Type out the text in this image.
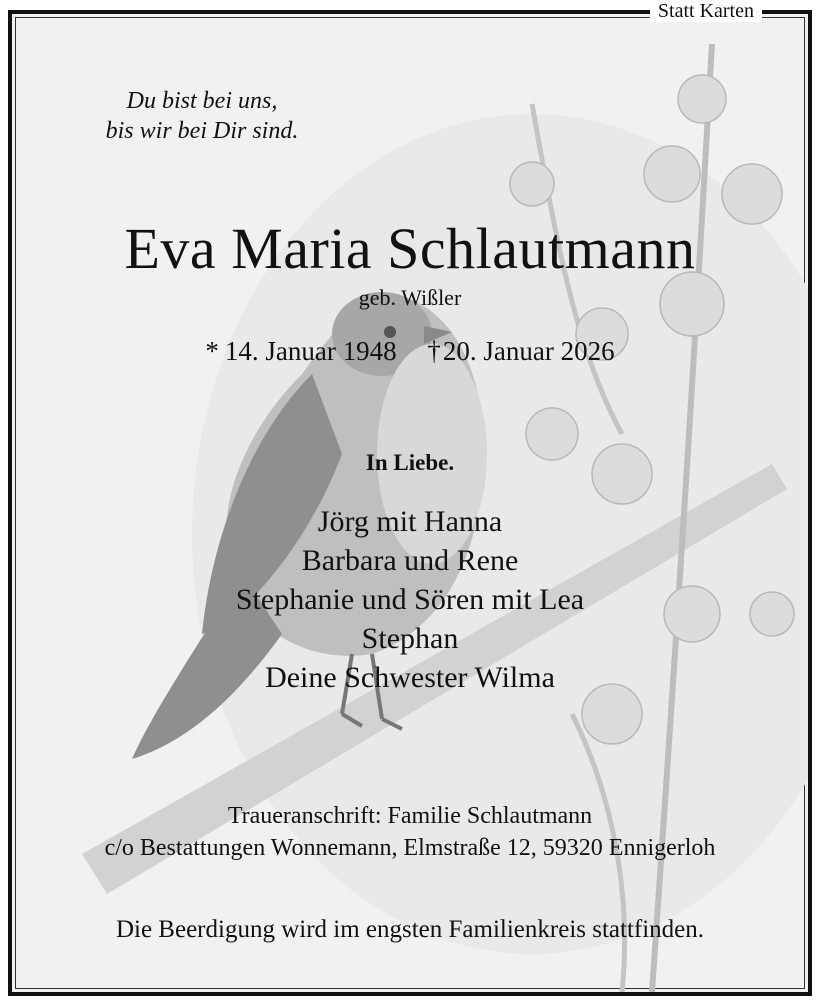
Du bist bei uns,
bis wir bei Dir sind.
Eva Maria Schlautmann
geb. Wißler
* 14. Januar 1948 †20. Januar 2026
In Liebe.
Jörg mit Hanna
Barbara und Rene
Stephanie und Sören mit Lea
Stephan
Deine Schwester Wilma
Traueranschrift: Familie Schlautmann
c/o Bestattungen Wonnemann, Elmstraße 12, 59320 Ennigerloh
Die Beerdigung wird im engsten Familienkreis stattfinden.
Statt Karten
